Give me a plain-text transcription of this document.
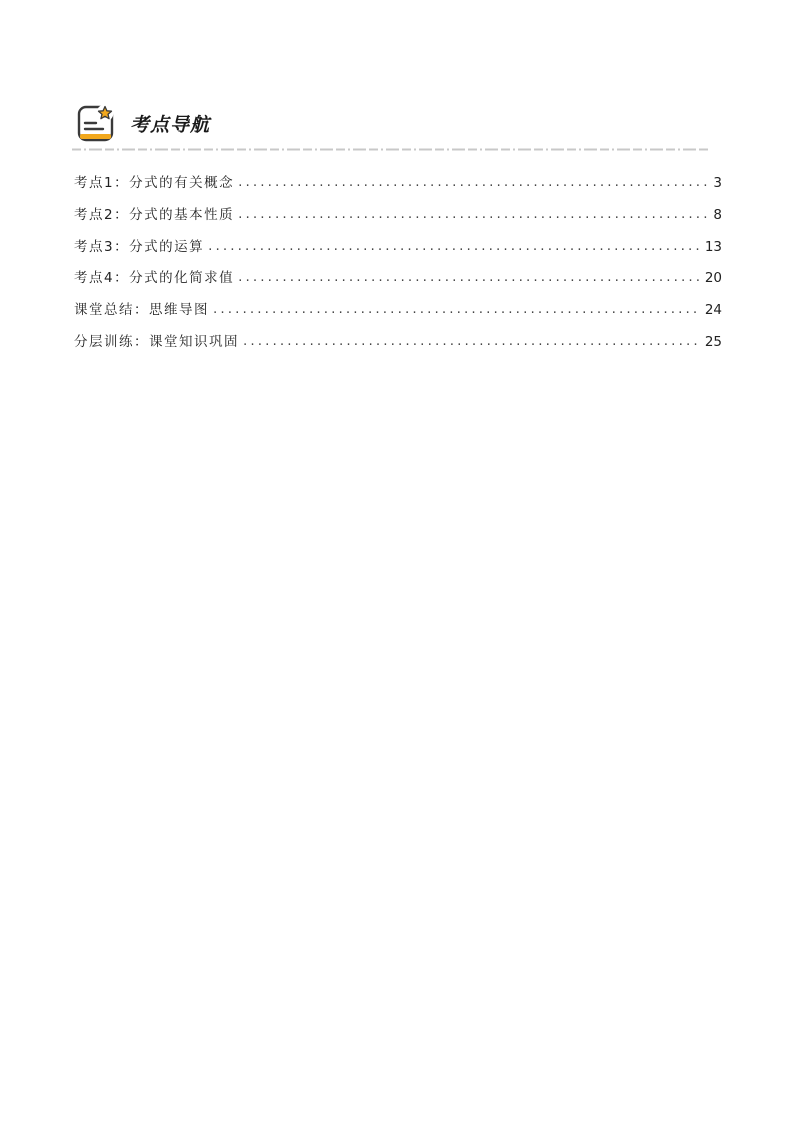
考点导航
考点1：分式的有关概念 . . .	3
考点2：分式的基本性质 . . .	8
考点3：分式的运算 . . .	13
考点4：分式的化简求值 . . .	20
课堂总结：思维导图 . . .	24
分层训练：课堂知识巩固 . . .	25
